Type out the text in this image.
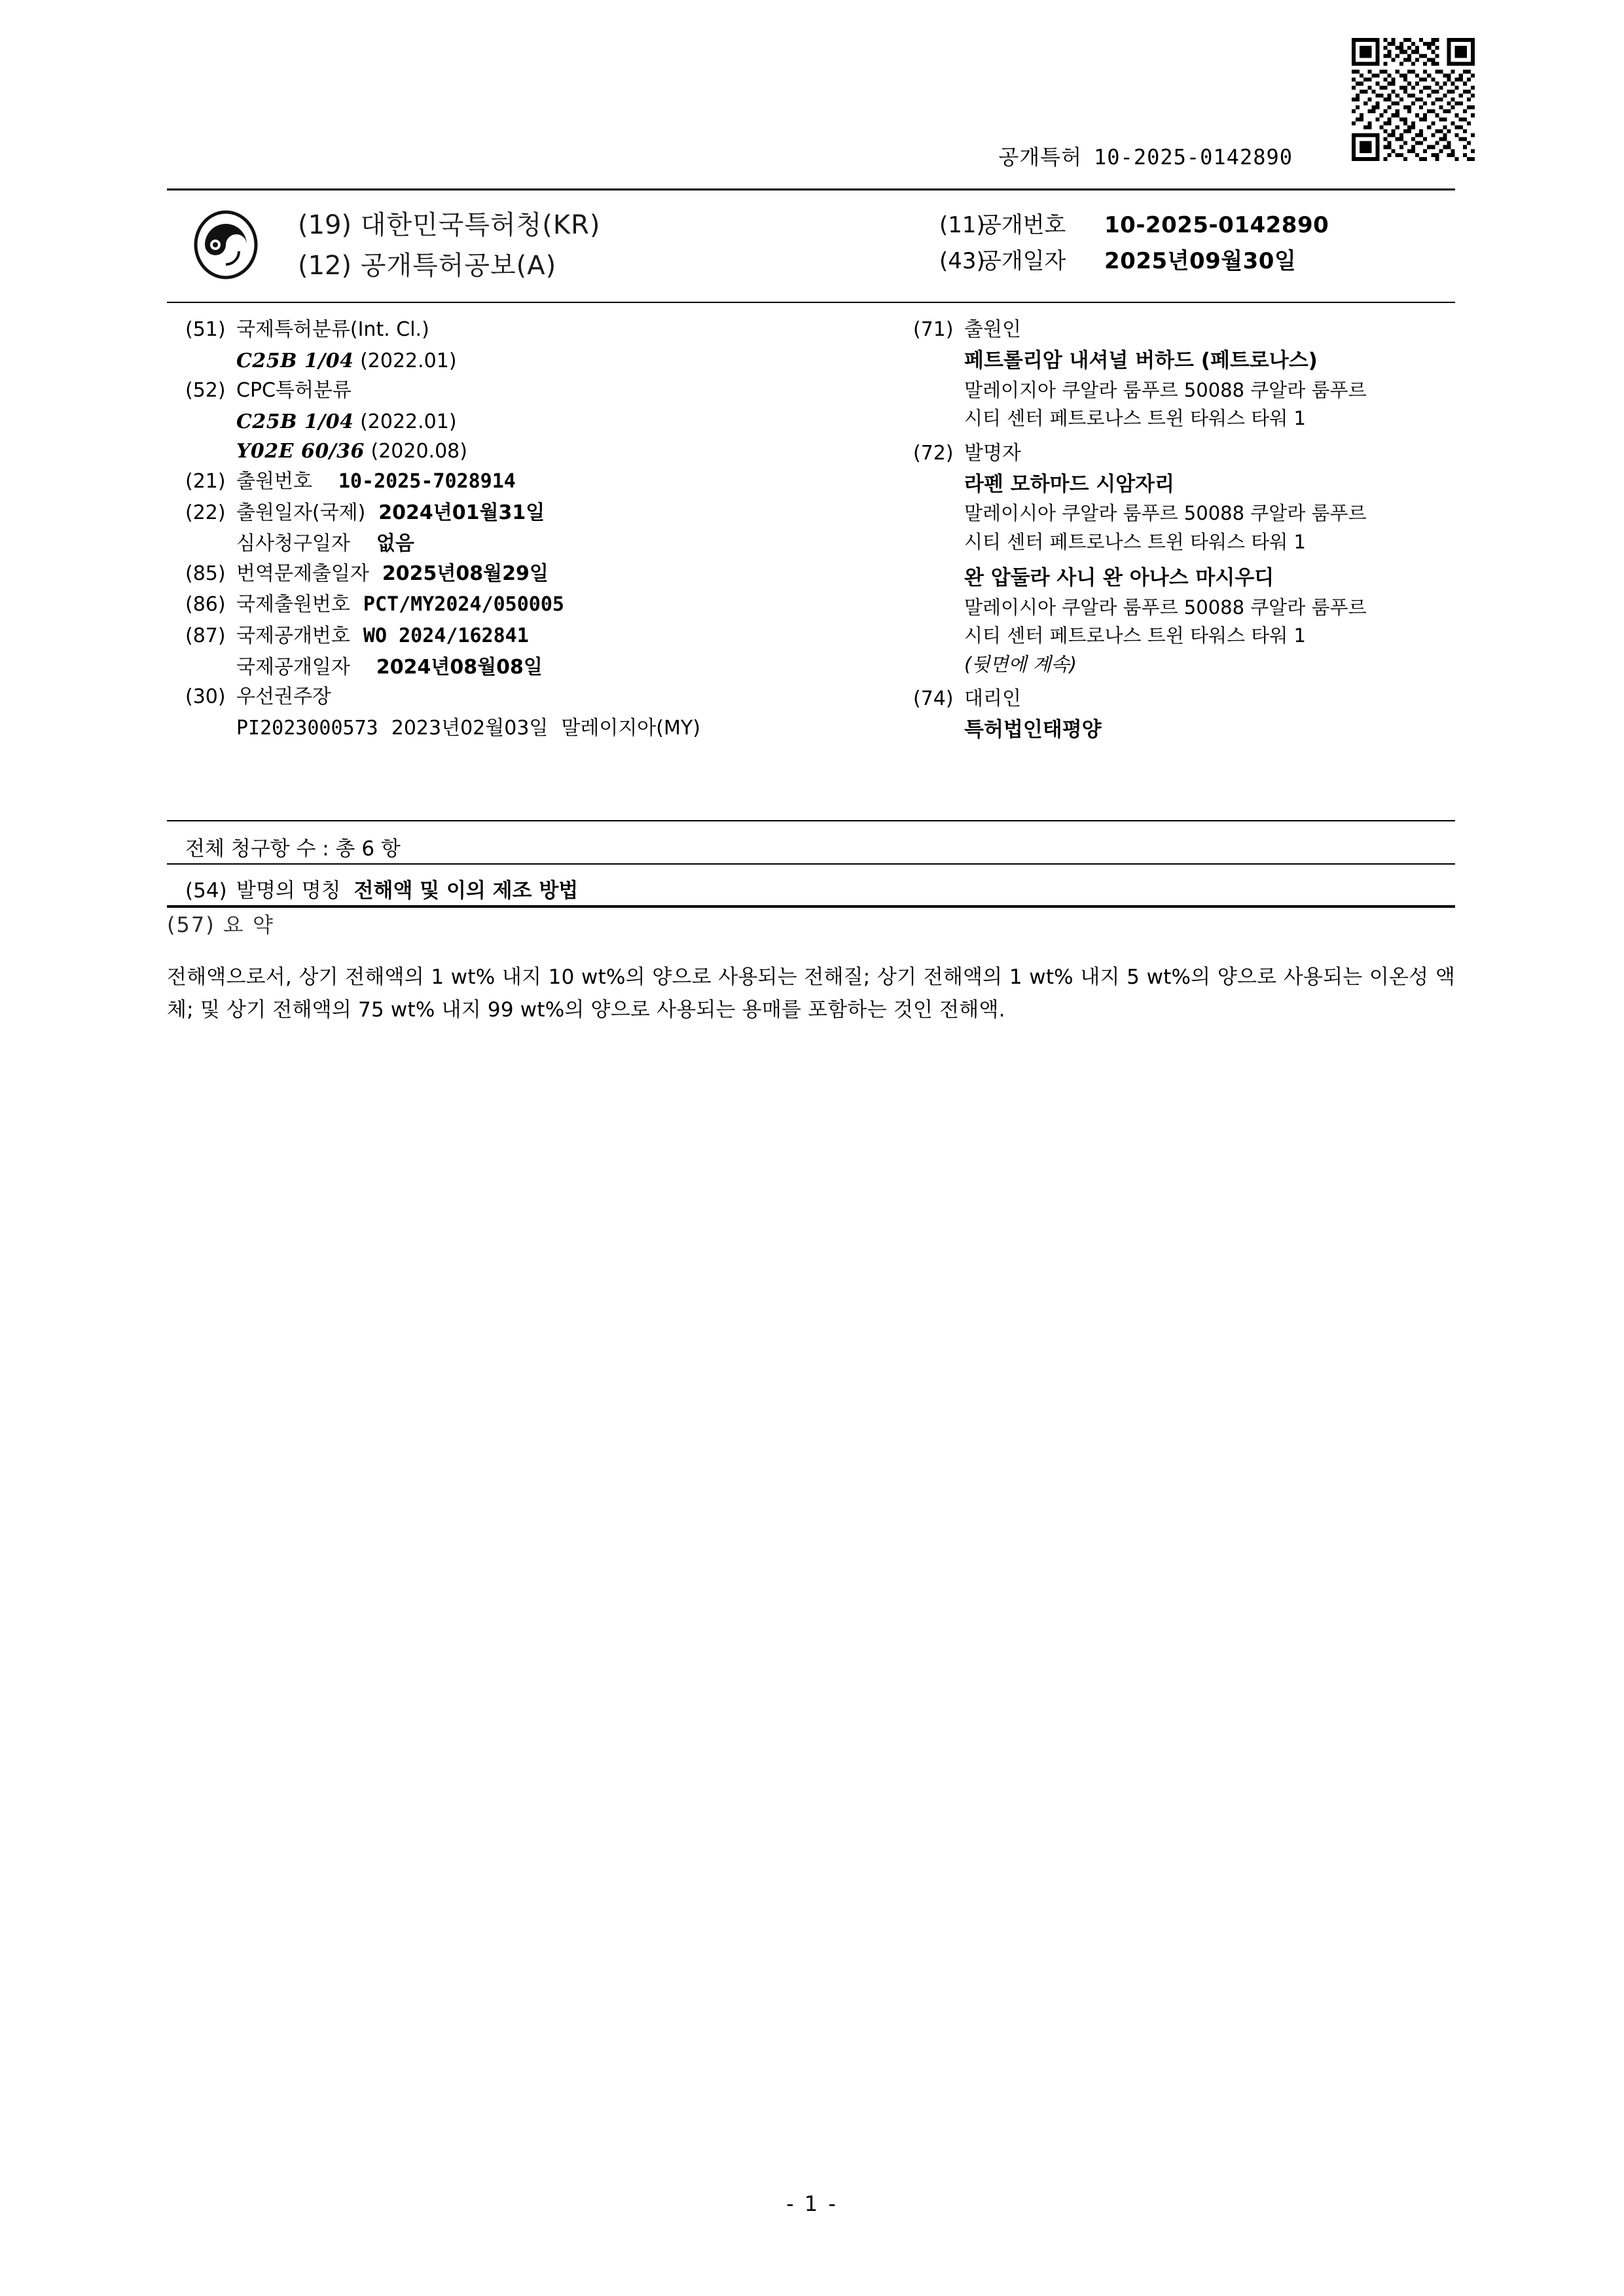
공개특허 10-2025-0142890
(19) 대한민국특허청(KR)
(12) 공개특허공보(A)
(11)공개번호 10-2025-0142890
(43)공개일자 2025년09월30일
(51) 국제특허분류(Int. Cl.)
C25B 1/04 (2022.01)
(52) CPC특허분류
C25B 1/04 (2022.01)
Y02E 60/36 (2020.08)
(21) 출원번호 10-2025-7028914
(22) 출원일자(국제) 2024년01월31일
심사청구일자 없음
(85) 번역문제출일자 2025년08월29일
(86) 국제출원번호 PCT/MY2024/050005
(87) 국제공개번호 WO 2024/162841
국제공개일자 2024년08월08일
(30) 우선권주장
PI2023000573 2023년02월03일 말레이지아(MY)
(71) 출원인
페트롤리암 내셔널 버하드 (페트로나스)
말레이지아 쿠알라 룸푸르 50088 쿠알라 룸푸르
시티 센터 페트로나스 트윈 타워스 타워 1
(72) 발명자
라펜 모하마드 시암자리
말레이시아 쿠알라 룸푸르 50088 쿠알라 룸푸르
시티 센터 페트로나스 트윈 타워스 타워 1
완 압둘라 사니 완 아나스 마시우디
말레이시아 쿠알라 룸푸르 50088 쿠알라 룸푸르
시티 센터 페트로나스 트윈 타워스 타워 1
(뒷면에 계속)
(74) 대리인
특허법인태평양
전체 청구항 수 : 총 6 항
(54) 발명의 명칭 전해액 및 이의 제조 방법
(57) 요 약
전해액으로서, 상기 전해액의 1 wt% 내지 10 wt%의 양으로 사용되는 전해질; 상기 전해액의 1 wt% 내지 5 wt%의 양으로 사용되는 이온성 액체; 및 상기 전해액의 75 wt% 내지 99 wt%의 양으로 사용되는 용매를 포함하는 것인 전해액.
- 1 -
